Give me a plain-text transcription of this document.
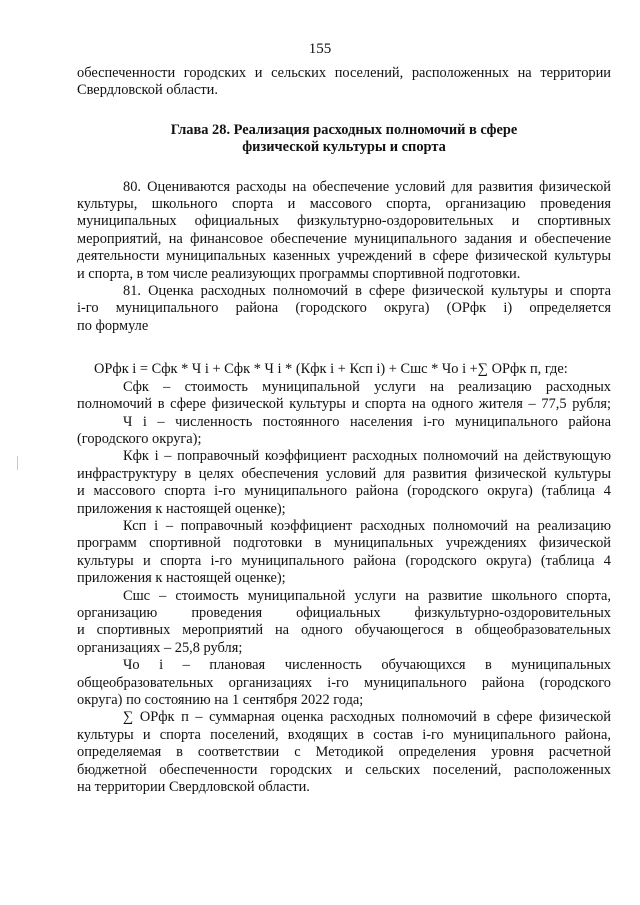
155
обеспеченности городских и сельских поселений, расположенных на территории
Свердловской области.
Глава 28. Реализация расходных полномочий в сфере
физической культуры и спорта
80. Оцениваются расходы на обеспечение условий для развития физической
культуры, школьного спорта и массового спорта, организацию проведения
муниципальных официальных физкультурно-оздоровительных и спортивных
мероприятий, на финансовое обеспечение муниципального задания и обеспечение
деятельности муниципальных казенных учреждений в сфере физической культуры
и спорта, в том числе реализующих программы спортивной подготовки.
81. Оценка расходных полномочий в сфере физической культуры и спорта
i-го муниципального района (городского округа) (ОРфк i) определяется
по формуле
ОРфк i = Сфк * Ч i + Сфк * Ч i * (Кфк i + Ксп i) + Сшс * Чо i +∑ ОРфк п, где:
Сфк – стоимость муниципальной услуги на реализацию расходных
полномочий в сфере физической культуры и спорта на одного жителя – 77,5 рубля;
Ч i – численность постоянного населения i-го муниципального района
(городского округа);
Кфк i – поправочный коэффициент расходных полномочий на действующую
инфраструктуру в целях обеспечения условий для развития физической культуры
и массового спорта i-го муниципального района (городского округа) (таблица 4
приложения к настоящей оценке);
Ксп i – поправочный коэффициент расходных полномочий на реализацию
программ спортивной подготовки в муниципальных учреждениях физической
культуры и спорта i-го муниципального района (городского округа) (таблица 4
приложения к настоящей оценке);
Сшс – стоимость муниципальной услуги на развитие школьного спорта,
организацию проведения официальных физкультурно-оздоровительных
и спортивных мероприятий на одного обучающегося в общеобразовательных
организациях – 25,8 рубля;
Чо i – плановая численность обучающихся в муниципальных
общеобразовательных организациях i-го муниципального района (городского
округа) по состоянию на 1 сентября 2022 года;
∑ ОРфк п – суммарная оценка расходных полномочий в сфере физической
культуры и спорта поселений, входящих в состав i-го муниципального района,
определяемая в соответствии с Методикой определения уровня расчетной
бюджетной обеспеченности городских и сельских поселений, расположенных
на территории Свердловской области.
